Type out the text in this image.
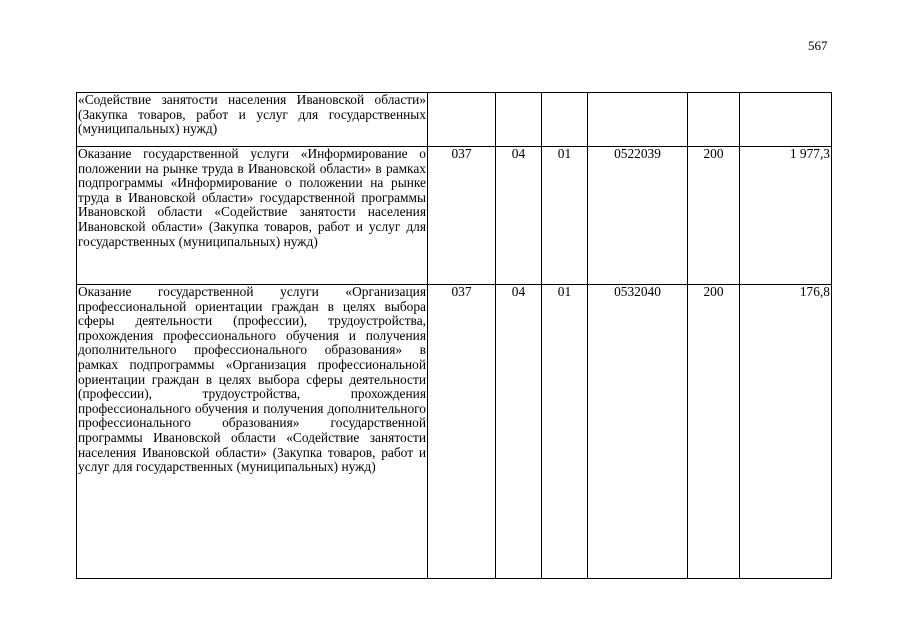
567
«Содействие занятости населения Ивановской области» (Закупка товаров, работ и услуг для государственных (муниципальных) нужд)						
Оказание государственной услуги «Информирование о положении на рынке труда в Ивановской области» в рамках подпрограммы «Информирование о положении на рынке труда в Ивановской области» государственной программы Ивановской области «Содействие занятости населения Ивановской области» (Закупка товаров, работ и услуг для государственных (муниципальных) нужд)	037	04	01	0522039	200	1 977,3
Оказание государственной услуги «Организация профессиональной ориентации граждан в целях выбора сферы деятельности (профессии), трудоустройства, прохождения профессионального обучения и получения дополнительного профессионального образования» в рамках подпрограммы «Организация профессиональной ориентации граждан в целях выбора сферы деятельности (профессии), трудоустройства, прохождения профессионального обучения и получения дополнительного профессионального образования» государственной программы Ивановской области «Содействие занятости населения Ивановской области» (Закупка товаров, работ и услуг для государственных (муниципальных) нужд)	037	04	01	0532040	200	176,8
